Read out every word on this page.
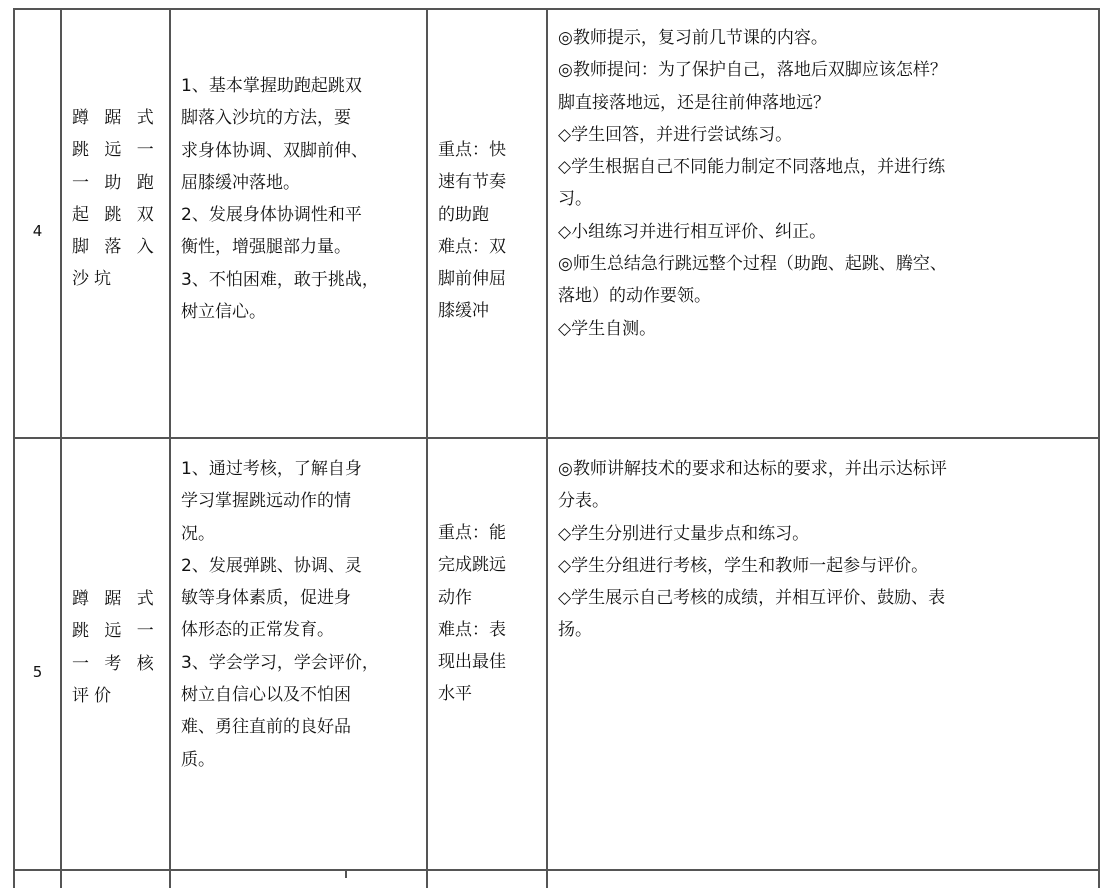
4
蹲 踞 式
跳 远 一
一 助 跑
起 跳 双
脚 落 入
沙坑
1、基本掌握助跑起跳双
脚落入沙坑的方法，要
求身体协调、双脚前伸、
屈膝缓冲落地。
2、发展身体协调性和平
衡性，增强腿部力量。
3、不怕困难，敢于挑战，
树立信心。
重点：快
速有节奏
的助跑
难点：双
脚前伸屈
膝缓冲
◎教师提示，复习前几节课的内容。
◎教师提问：为了保护自己，落地后双脚应该怎样？
脚直接落地远，还是往前伸落地远？
◇学生回答，并进行尝试练习。
◇学生根据自己不同能力制定不同落地点，并进行练
习。
◇小组练习并进行相互评价、纠正。
◎师生总结急行跳远整个过程（助跑、起跳、腾空、
落地）的动作要领。
◇学生自测。
5
蹲 踞 式
跳 远 一
一 考 核
评价
1、通过考核，了解自身
学习掌握跳远动作的情
况。
2、发展弹跳、协调、灵
敏等身体素质，促进身
体形态的正常发育。
3、学会学习，学会评价，
树立自信心以及不怕困
难、勇往直前的良好品
质。
重点：能
完成跳远
动作
难点：表
现出最佳
水平
◎教师讲解技术的要求和达标的要求，并出示达标评
分表。
◇学生分别进行丈量步点和练习。
◇学生分组进行考核，学生和教师一起参与评价。
◇学生展示自己考核的成绩，并相互评价、鼓励、表
扬。
